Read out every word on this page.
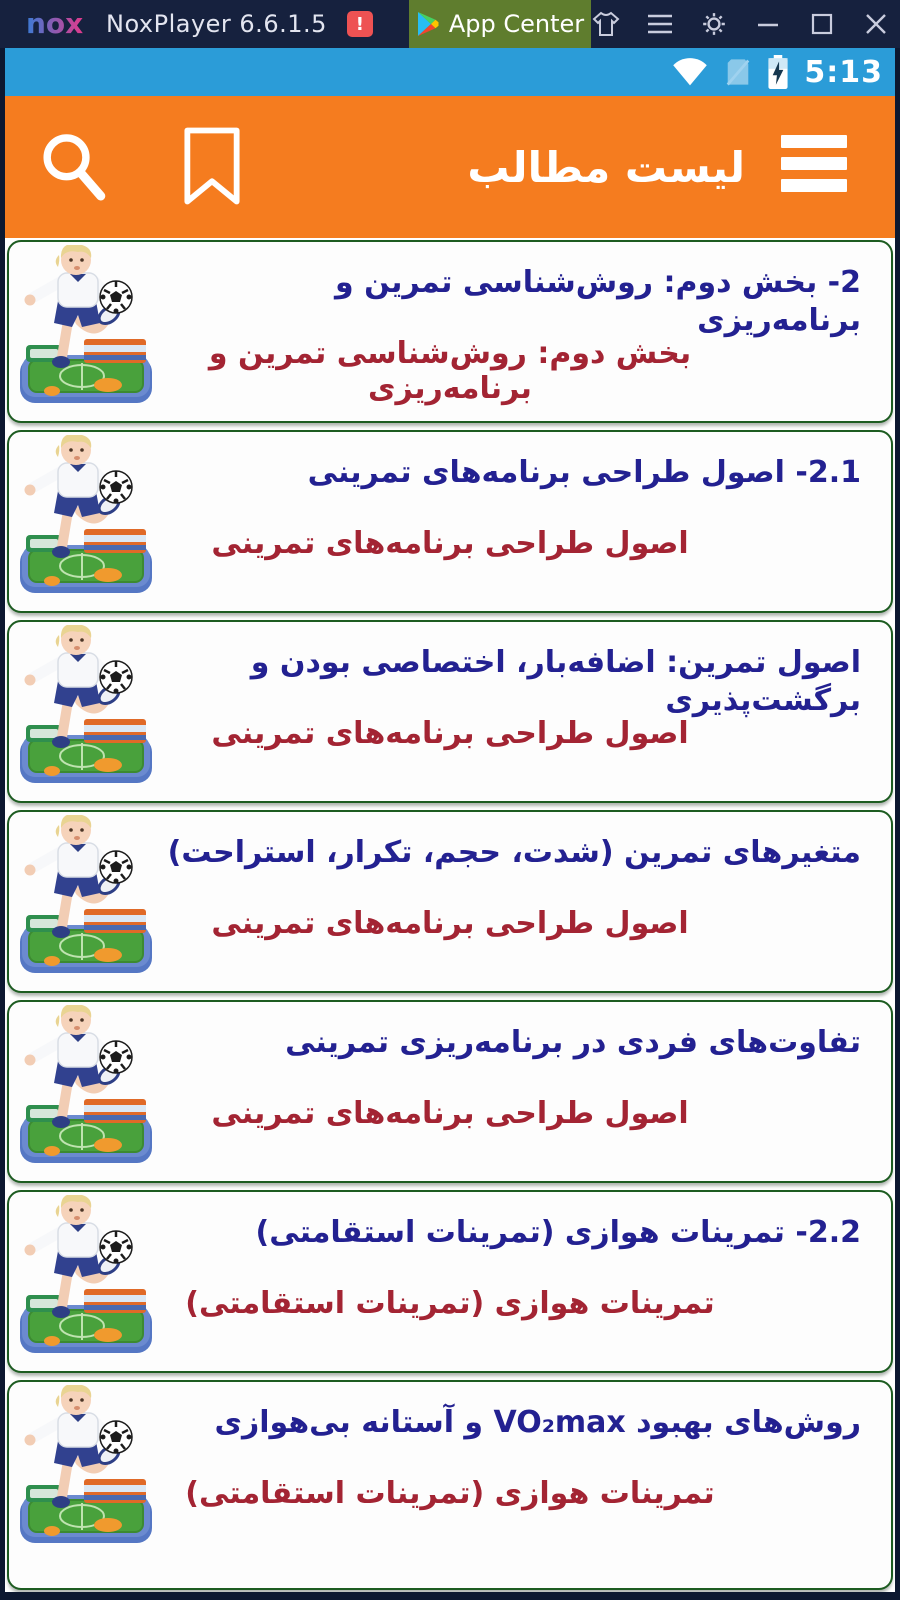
nox NoxPlayer 6.6.1.5	!	App Center
5:13
لیست مطالب
2- بخش دوم: روش‌شناسی تمرین و برنامه‌ریزی
بخش دوم: روش‌شناسی تمرین و برنامه‌ریزی
2.1- اصول طراحی برنامه‌های تمرینی
اصول طراحی برنامه‌های تمرینی
اصول تمرین: اضافه‌بار، اختصاصی بودن و برگشت‌پذیری
اصول طراحی برنامه‌های تمرینی
متغیرهای تمرین (شدت، حجم، تکرار، استراحت)
اصول طراحی برنامه‌های تمرینی
تفاوت‌های فردی در برنامه‌ریزی تمرینی
اصول طراحی برنامه‌های تمرینی
2.2- تمرینات هوازی (تمرینات استقامتی)
تمرینات هوازی (تمرینات استقامتی)
روش‌های بهبود VO₂max و آستانه بی‌هوازی
تمرینات هوازی (تمرینات استقامتی)
